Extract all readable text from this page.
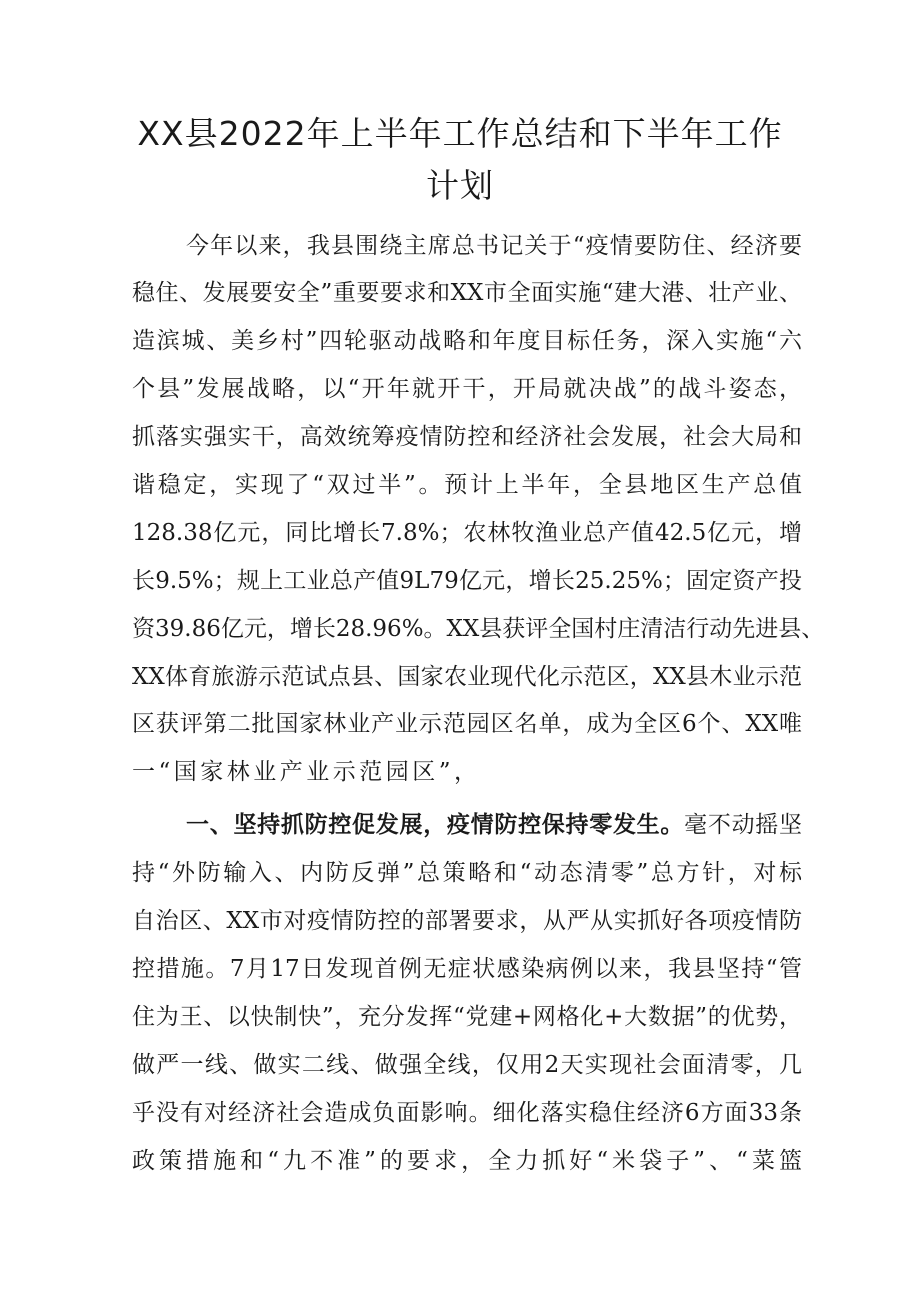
XX县2022年上半年工作总结和下半年工作
计划
今年以来，我县围绕主席总书记关于“疫情要防住、经济要
稳住、发展要安全”重要要求和XX市全面实施“建大港、壮产业、
造滨城、美乡村”四轮驱动战略和年度目标任务，深入实施“六
个县”发展战略，以“开年就开干，开局就决战”的战斗姿态，
抓落实强实干，高效统筹疫情防控和经济社会发展，社会大局和
谐稳定，实现了“双过半”。预计上半年，全县地区生产总值
128.38亿元，同比增长7.8%；农林牧渔业总产值42.5亿元，增
长9.5%；规上工业总产值9L79亿元，增长25.25%；固定资产投
资39.86亿元，增长28.96%。XX县获评全国村庄清洁行动先进县、
XX体育旅游示范试点县、国家农业现代化示范区，XX县木业示范
区获评第二批国家林业产业示范园区名单，成为全区6个、XX唯
一“国家林业产业示范园区”，
一、坚持抓防控促发展，疫情防控保持零发生。毫不动摇坚
持“外防输入、内防反弹”总策略和“动态清零”总方针，对标
自治区、XX市对疫情防控的部署要求，从严从实抓好各项疫情防
控措施。7月17日发现首例无症状感染病例以来，我县坚持“管
住为王、以快制快”，充分发挥“党建+网格化+大数据”的优势，
做严一线、做实二线、做强全线，仅用2天实现社会面清零，几
乎没有对经济社会造成负面影响。细化落实稳住经济6方面33条
政策措施和“九不准”的要求，全力抓好“米袋子”、“菜篮
